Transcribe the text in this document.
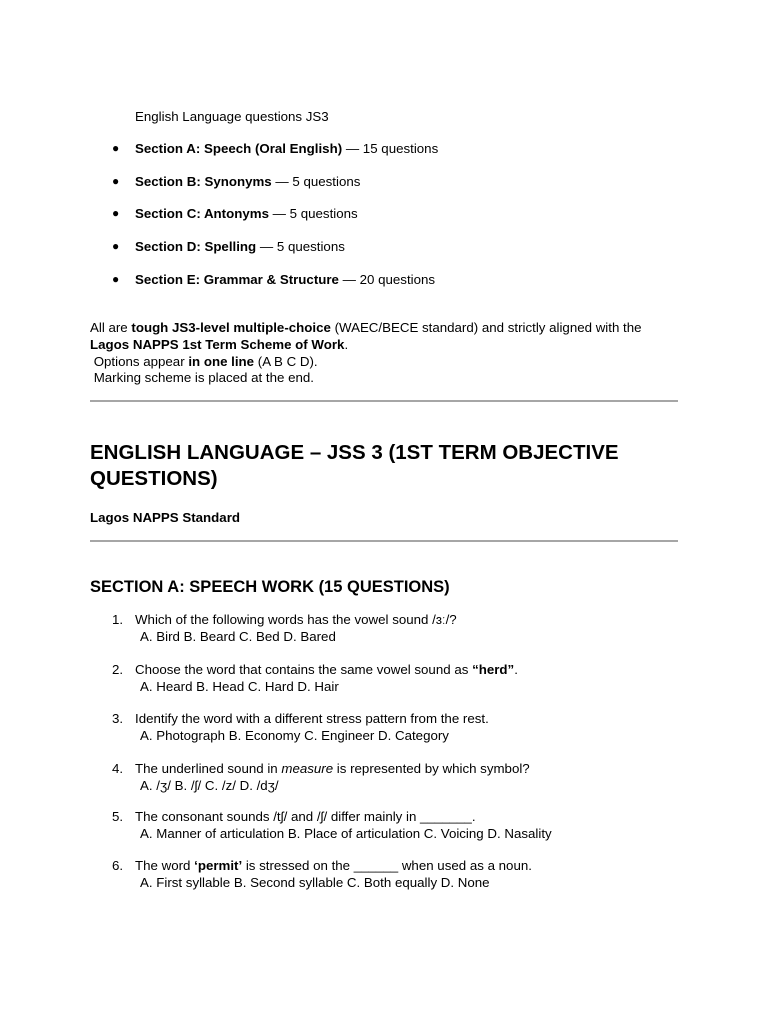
English Language questions JS3
● Section A: Speech (Oral English) — 15 questions
● Section B: Synonyms — 5 questions
● Section C: Antonyms — 5 questions
● Section D: Spelling — 5 questions
● Section E: Grammar & Structure — 20 questions
All are tough JS3-level multiple-choice (WAEC/BECE standard) and strictly aligned with the
Lagos NAPPS 1st Term Scheme of Work.
Options appear in one line (A B C D).
Marking scheme is placed at the end.
ENGLISH LANGUAGE – JSS 3 (1ST TERM OBJECTIVE QUESTIONS)
Lagos NAPPS Standard
SECTION A: SPEECH WORK (15 QUESTIONS)
1. Which of the following words has the vowel sound /ɜː/?
A. Bird B. Beard C. Bed D. Bared
2. Choose the word that contains the same vowel sound as “herd”.
A. Heard B. Head C. Hard D. Hair
3. Identify the word with a different stress pattern from the rest.
A. Photograph B. Economy C. Engineer D. Category
4. The underlined sound in measure is represented by which symbol?
A. /ʒ/ B. /ʃ/ C. /z/ D. /dʒ/
5. The consonant sounds /tʃ/ and /ʃ/ differ mainly in _______.
A. Manner of articulation B. Place of articulation C. Voicing D. Nasality
6. The word ‘permit’ is stressed on the ______ when used as a noun.
A. First syllable B. Second syllable C. Both equally D. None
